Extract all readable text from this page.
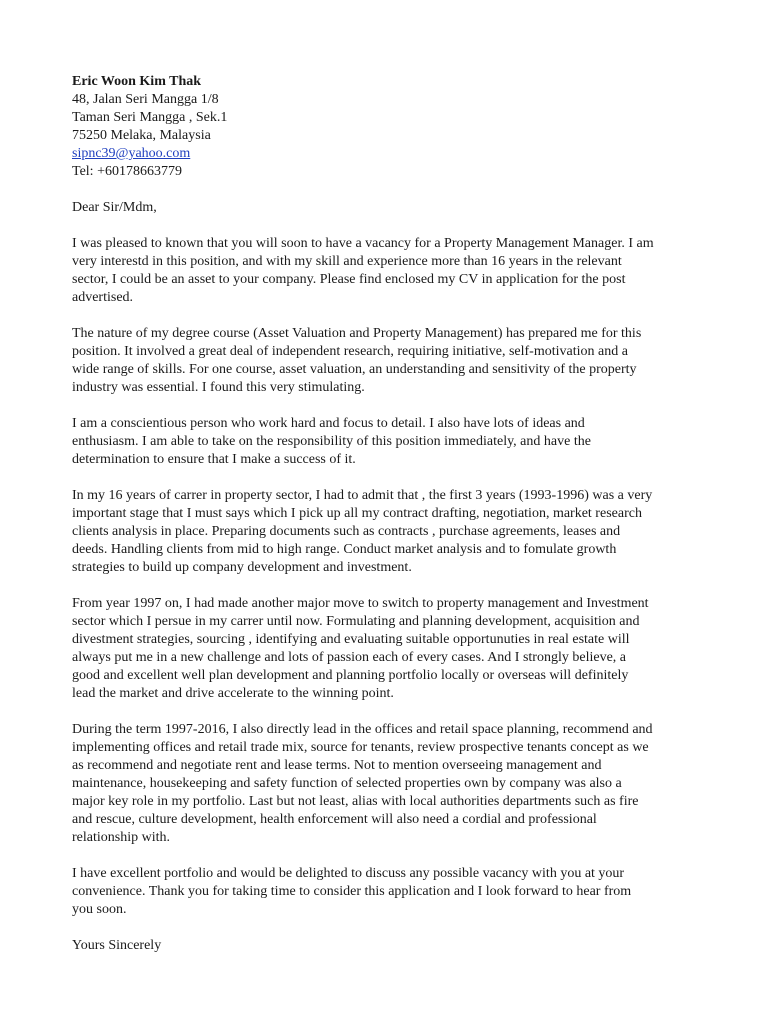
Eric Woon Kim Thak
48, Jalan Seri Mangga 1/8
Taman Seri Mangga , Sek.1
75250 Melaka, Malaysia
sipnc39@yahoo.com
Tel: +60178663779
Dear Sir/Mdm,

I was pleased to known that you will soon to have a vacancy for a Property Management Manager. I am
very interestd in this position, and with my skill and experience more than 16 years in the relevant
sector, I could be an asset to your company. Please find enclosed my CV in application for the post
advertised.

The nature of my degree course (Asset Valuation and Property Management) has prepared me for this
position. It involved a great deal of independent research, requiring initiative, self-motivation and a
wide range of skills. For one course, asset valuation, an understanding and sensitivity of the property
industry was essential. I found this very stimulating.

I am a conscientious person who work hard and focus to detail. I also have lots of ideas and
enthusiasm. I am able to take on the responsibility of this position immediately, and have the
determination to ensure that I make a success of it.

In my 16 years of carrer in property sector, I had to admit that , the first 3 years (1993-1996) was a very
important stage that I must says which I pick up all my contract drafting, negotiation, market research
clients analysis in place. Preparing documents such as contracts , purchase agreements, leases and
deeds. Handling clients from mid to high range. Conduct market analysis and to fomulate growth
strategies to build up company development and investment.

From year 1997 on, I had made another major move to switch to property management and Investment
sector which I persue in my carrer until now. Formulating and planning development, acquisition and
divestment strategies, sourcing , identifying and evaluating suitable opportunuties in real estate will
always put me in a new challenge and lots of passion each of every cases. And I strongly believe, a
good and excellent well plan development and planning portfolio locally or overseas will definitely
lead the market and drive accelerate to the winning point.

During the term 1997-2016, I also directly lead in the offices and retail space planning, recommend and
implementing offices and retail trade mix, source for tenants, review prospective tenants concept as we
as recommend and negotiate rent and lease terms. Not to mention overseeing management and
maintenance, housekeeping and safety function of selected properties own by company was also a
major key role in my portfolio. Last but not least, alias with local authorities departments such as fire
and rescue, culture development, health enforcement will also need a cordial and professional
relationship with.

I have excellent portfolio and would be delighted to discuss any possible vacancy with you at your
convenience. Thank you for taking time to consider this application and I look forward to hear from
you soon.

Yours Sincerely
